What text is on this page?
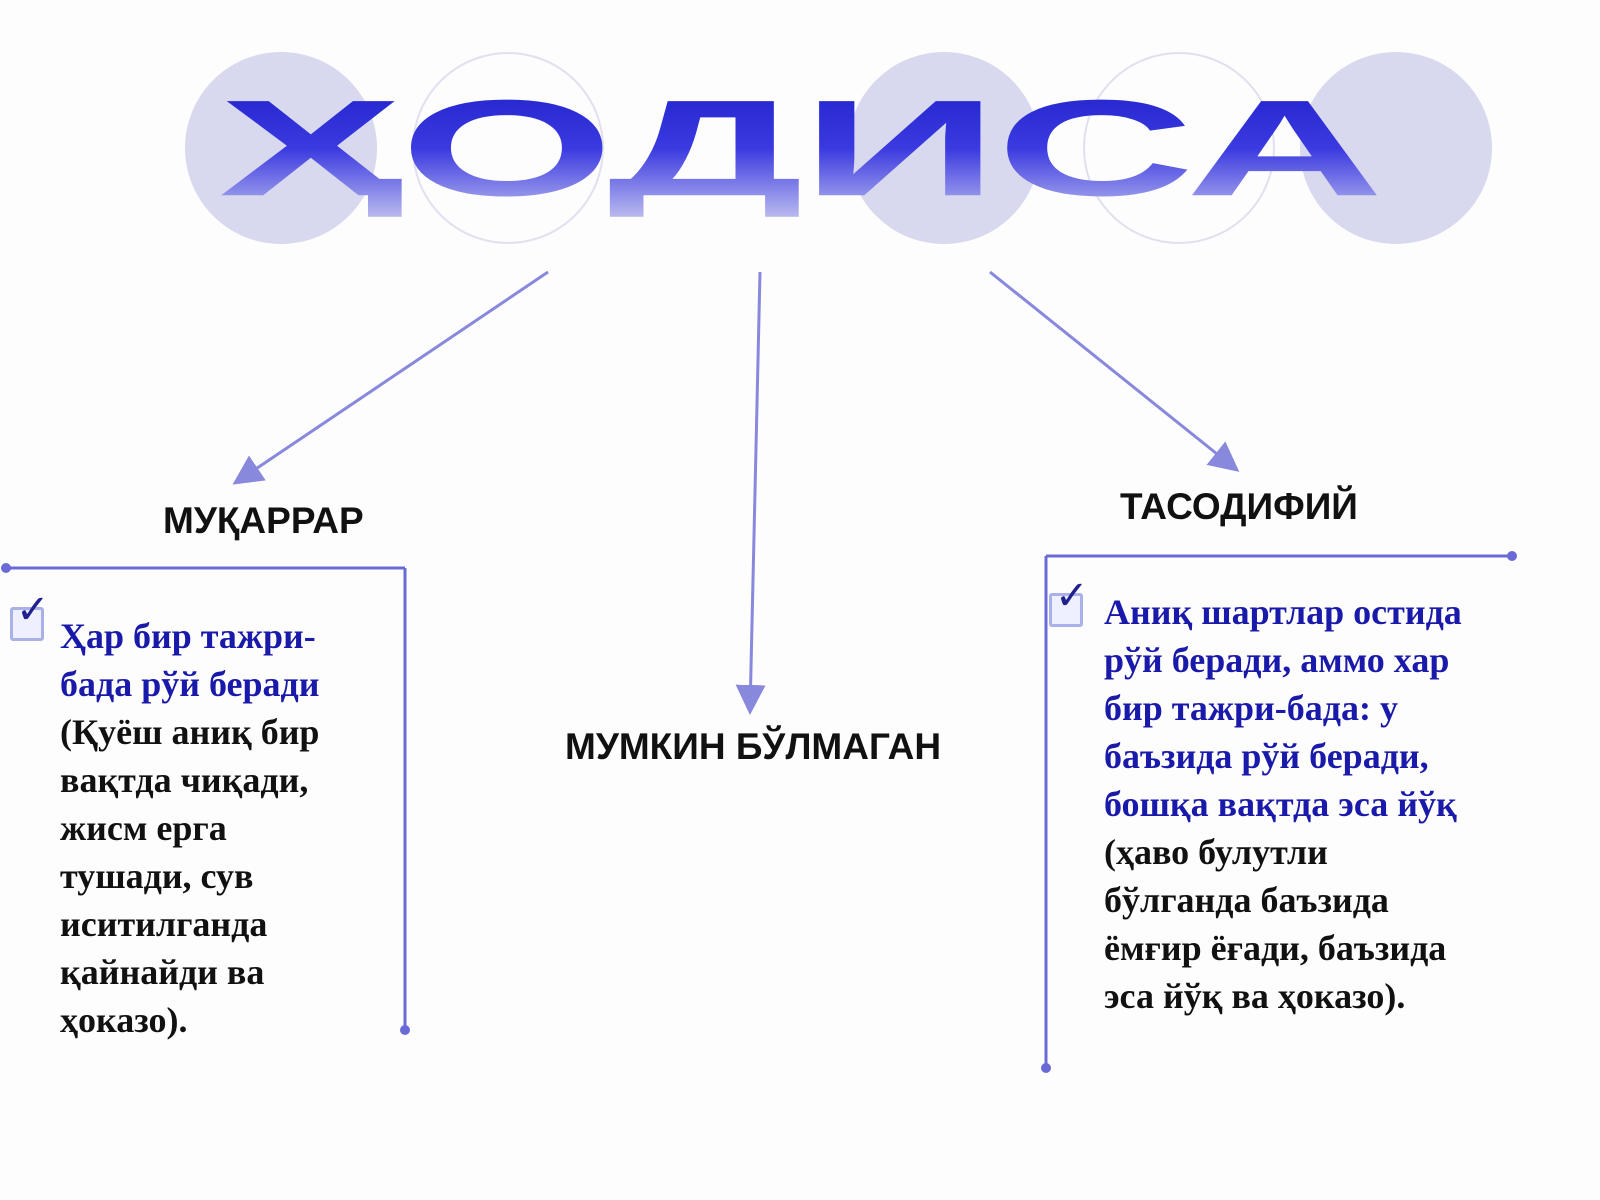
ҲОДИСА
МУҚАРРАР
МУМКИН БЎЛМАГАН
ТАСОДИФИЙ
✓	✓
Ҳар бир тажри-
бада рўй беради
(Қуёш аниқ бир
вақтда чиқади,
жисм ерга
тушади, сув
иситилганда
қайнайди ва
ҳоказо).
Аниқ шартлар остида
рўй беради, аммо хар
бир тажри-бада: у
баъзида рўй беради,
бошқа вақтда эса йўқ
(ҳаво булутли
бўлганда баъзида
ёмғир ёғади, баъзида
эса йўқ ва ҳоказо).
